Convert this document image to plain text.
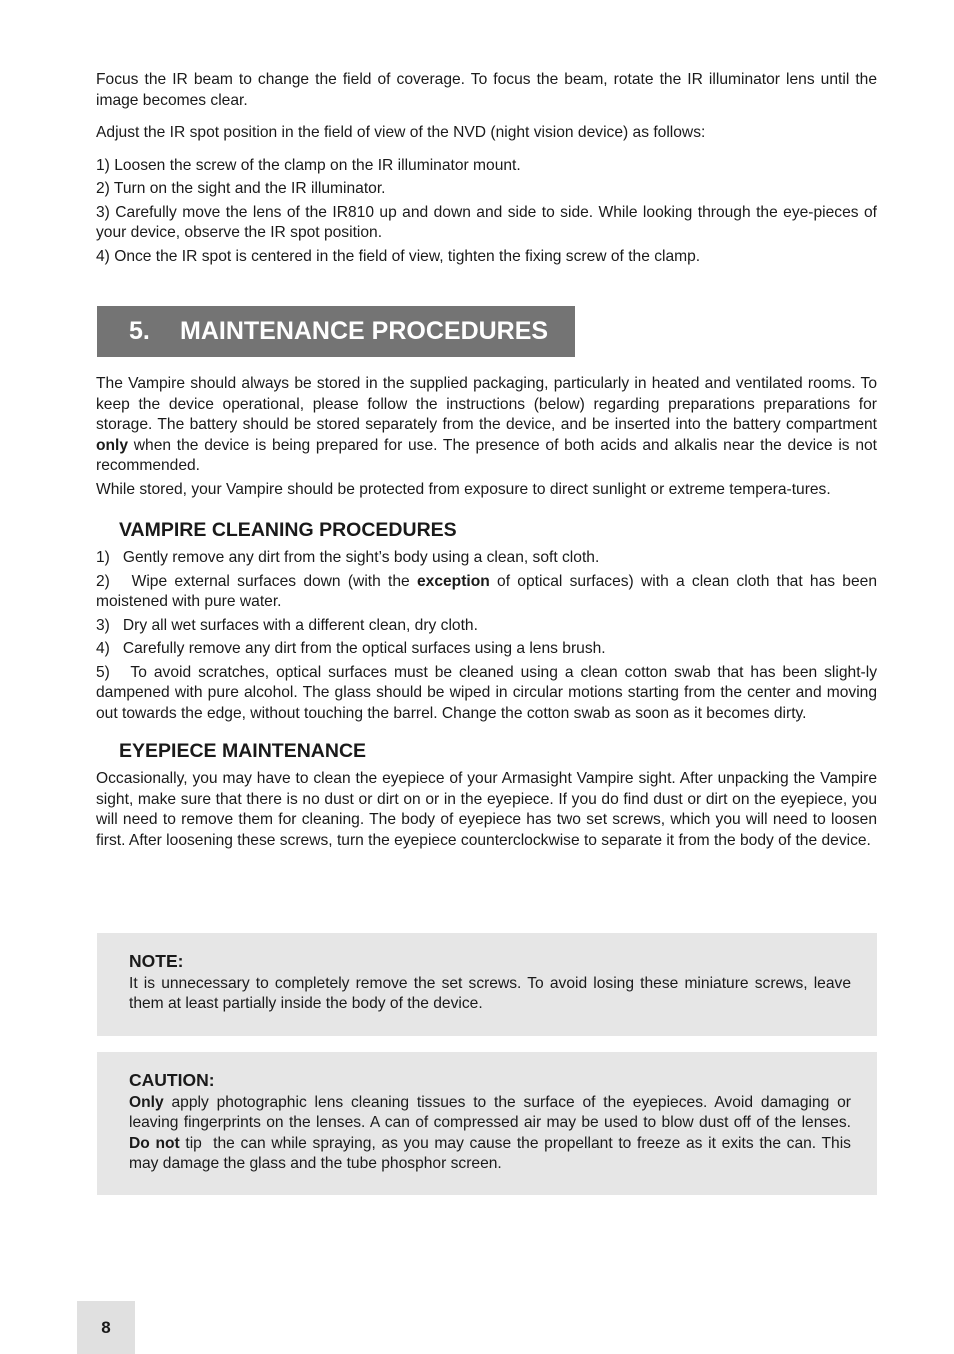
Focus the IR beam to change the field of coverage. To focus the beam, rotate the IR illuminator lens until the image becomes clear.

Adjust the IR spot position in the field of view of the NVD (night vision device) as follows:

1) Loosen the screw of the clamp on the IR illuminator mount.

2) Turn on the sight and the IR illuminator.

3) Carefully move the lens of the IR810 up and down and side to side. While looking through the eye-pieces of your device, observe the IR spot position.

4) Once the IR spot is centered in the field of view, tighten the fixing screw of the clamp.

5.	MAINTENANCE PROCEDURES

The Vampire should always be stored in the supplied packaging, particularly in heated and ventilated rooms. To keep the device operational, please follow the instructions (below) regarding preparations preparations for storage. The battery should be stored separately from the device, and be inserted into the battery compartment only when the device is being prepared for use. The presence of both acids and alkalis near the device is not recommended.

While stored, your Vampire should be protected from exposure to direct sunlight or extreme tempera-tures.

VAMPIRE CLEANING PROCEDURES

1)   Gently remove any dirt from the sight’s body using a clean, soft cloth.

2)   Wipe external surfaces down (with the exception of optical surfaces) with a clean cloth that has been moistened with pure water.

3)   Dry all wet surfaces with a different clean, dry cloth.

4)   Carefully remove any dirt from the optical surfaces using a lens brush.

5)   To avoid scratches, optical surfaces must be cleaned using a clean cotton swab that has been slight-ly dampened with pure alcohol. The glass should be wiped in circular motions starting from the center and moving out towards the edge, without touching the barrel. Change the cotton swab as soon as it becomes dirty.

EYEPIECE MAINTENANCE

Occasionally, you may have to clean the eyepiece of your Armasight Vampire sight. After unpacking the Vampire sight, make sure that there is no dust or dirt on or in the eyepiece. If you do find dust or dirt on the eyepiece, you will need to remove them for cleaning. The body of eyepiece has two set screws, which you will need to loosen first. After loosening these screws, turn the eyepiece counterclockwise to separate it from the body of the device.

NOTE:

It is unnecessary to completely remove the set screws. To avoid losing these miniature screws, leave them at least partially inside the body of the device.

CAUTION:

Only apply photographic lens cleaning tissues to the surface of the eyepieces. Avoid damaging or leaving fingerprints on the lenses. A can of compressed air may be used to blow dust off of the lenses. Do not tip  the can while spraying, as you may cause the propellant to freeze as it exits the can. This may damage the glass and the tube phosphor screen.

8
